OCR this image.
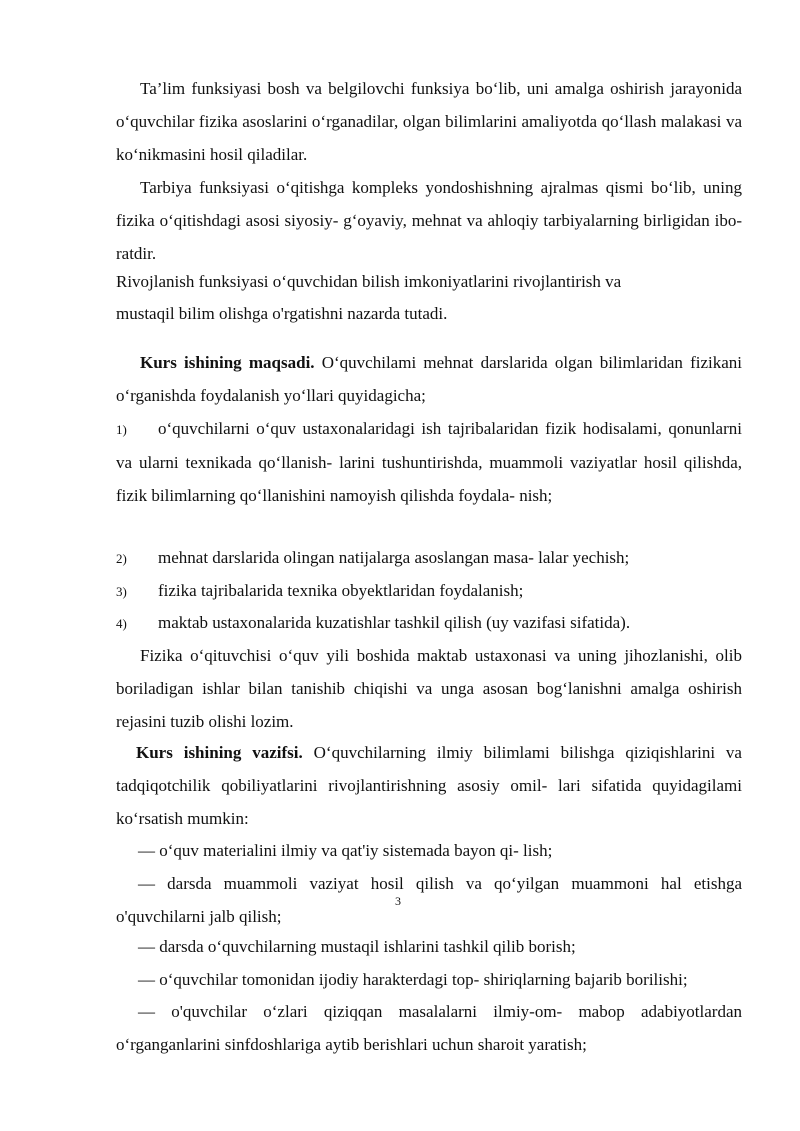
Ta’lim funksiyasi bosh va belgilovchi funksiya bo‘lib, uni amalga oshirish jarayonida o‘quvchilar fizika asoslarini o‘rganadilar, olgan bilimlarini amaliyotda qo‘llash malakasi va ko‘nikmasini hosil qiladilar.

Tarbiya funksiyasi o‘qitishga kompleks yondoshishning ajralmas qismi bo‘lib, uning fizika o‘qitishdagi asosi siyosiy- g‘oyaviy, mehnat va ahloqiy tarbiyalarning birligidan ibo- ratdir.

Rivojlanish funksiyasi o‘quvchidan bilish imkoniyatlarini rivojlantirish va
mustaqil bilim olishga o'rgatishni nazarda tutadi.

Kurs ishining maqsadi. O‘quvchilami mehnat darslarida olgan bilimlaridan fizikani o‘rganishda foydalanish yo‘llari quyidagicha;

1) o‘quvchilarni o‘quv ustaxonalaridagi ish tajribalaridan fizik hodisalami, qonunlarni va ularni texnikada qo‘llanish- larini tushuntirishda, muammoli vaziyatlar hosil qilishda, fizik bilimlarning qo‘llanishini namoyish qilishda foydala- nish;

2) mehnat darslarida olingan natijalarga asoslangan masa- lalar yechish;

3) fizika tajribalarida texnika obyektlaridan foydalanish;

4) maktab ustaxonalarida kuzatishlar tashkil qilish (uy vazifasi sifatida).

Fizika o‘qituvchisi o‘quv yili boshida maktab ustaxonasi va uning jihozlanishi, olib boriladigan ishlar bilan tanishib chiqishi va unga asosan bog‘lanishni amalga oshirish rejasini tuzib olishi lozim.

Kurs ishining vazifsi. O‘quvchilarning ilmiy bilimlami bilishga qiziqishlarini va tadqiqotchilik qobiliyatlarini rivojlantirishning asosiy omil- lari sifatida quyidagilami ko‘rsatish mumkin:

— o‘quv materialini ilmiy va qat'iy sistemada bayon qi- lish;

— darsda muammoli vaziyat hosil qilish va qo‘yilgan muammoni hal etishga o'quvchilarni jalb qilish;

3

— darsda o‘quvchilarning mustaqil ishlarini tashkil qilib borish;

— o‘quvchilar tomonidan ijodiy harakterdagi top- shiriqlarning bajarib borilishi;

— o'quvchilar o‘zlari qiziqqan masalalarni ilmiy-om- mabop adabiyotlardan o‘rganganlarini sinfdoshlariga aytib berishlari uchun sharoit yaratish;
